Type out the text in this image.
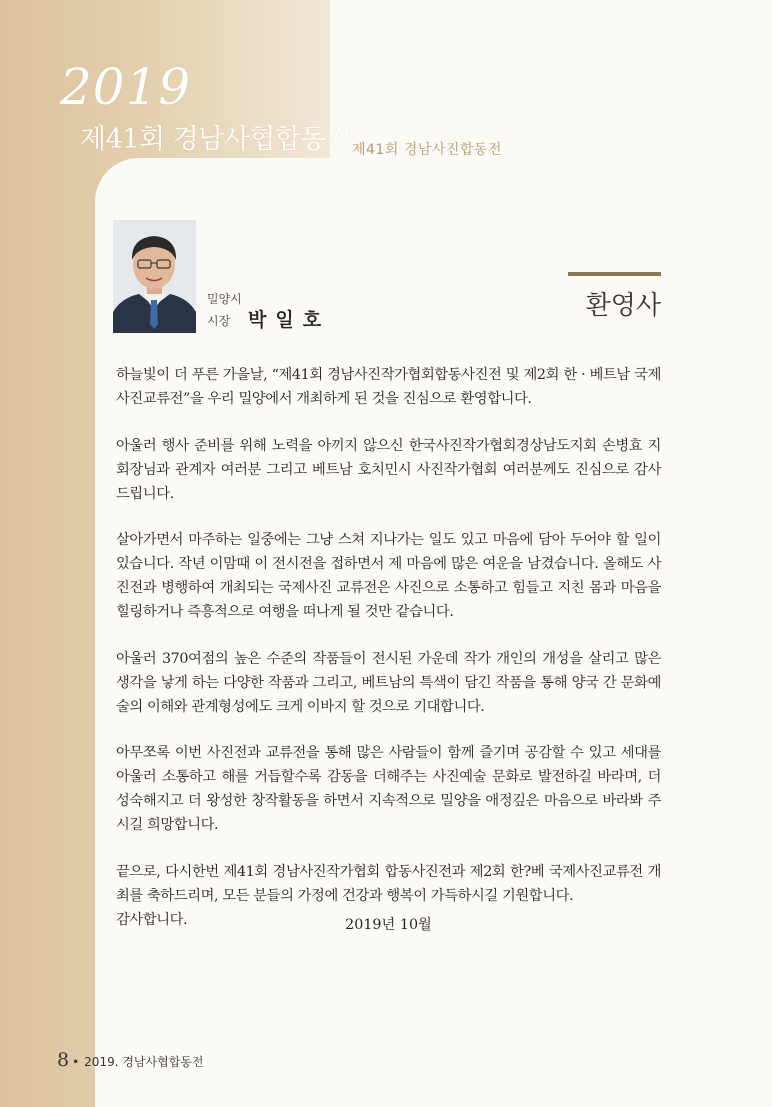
2019
제41회 경남사협합동전 제41회 경남사진합동전
밀양시
시장 박일호	환영사

하늘빛이 더 푸른 가을날, “제41회 경남사진작가협회합동사진전 및 제2회 한 · 베트남 국제사진교류전”을 우리 밀양에서 개최하게 된 것을 진심으로 환영합니다.

아울러 행사 준비를 위해 노력을 아끼지 않으신 한국사진작가협회경상남도지회 손병효 지회장님과 관계자 여러분 그리고 베트남 호치민시 사진작가협회 여러분께도 진심으로 감사드립니다.

살아가면서 마주하는 일중에는 그냥 스쳐 지나가는 일도 있고 마음에 담아 두어야 할 일이 있습니다. 작년 이맘때 이 전시전을 접하면서 제 마음에 많은 여운을 남겼습니다. 올해도 사진전과 병행하여 개최되는 국제사진 교류전은 사진으로 소통하고 힘들고 지친 몸과 마음을 힐링하거나 즉흥적으로 여행을 떠나게 될 것만 같습니다.

아울러 370여점의 높은 수준의 작품들이 전시된 가운데 작가 개인의 개성을 살리고 많은 생각을 낳게 하는 다양한 작품과 그리고, 베트남의 특색이 담긴 작품을 통해 양국 간 문화예술의 이해와 관계형성에도 크게 이바지 할 것으로 기대합니다.

아무쪼록 이번 사진전과 교류전을 통해 많은 사람들이 함께 즐기며 공감할 수 있고 세대를 아울러 소통하고 해를 거듭할수록 감동을 더해주는 사진예술 문화로 발전하길 바라며, 더 성숙해지고 더 왕성한 창작활동을 하면서 지속적으로 밀양을 애정깊은 마음으로 바라봐 주시길 희망합니다.

끝으로, 다시한번 제41회 경남사진작가협회 합동사진전과 제2회 한?베 국제사진교류전 개최를 축하드리며, 모든 분들의 가정에 건강과 행복이 가득하시길 기원합니다.

감사합니다.	2019년 10월
8 • 2019. 경남사협합동전
